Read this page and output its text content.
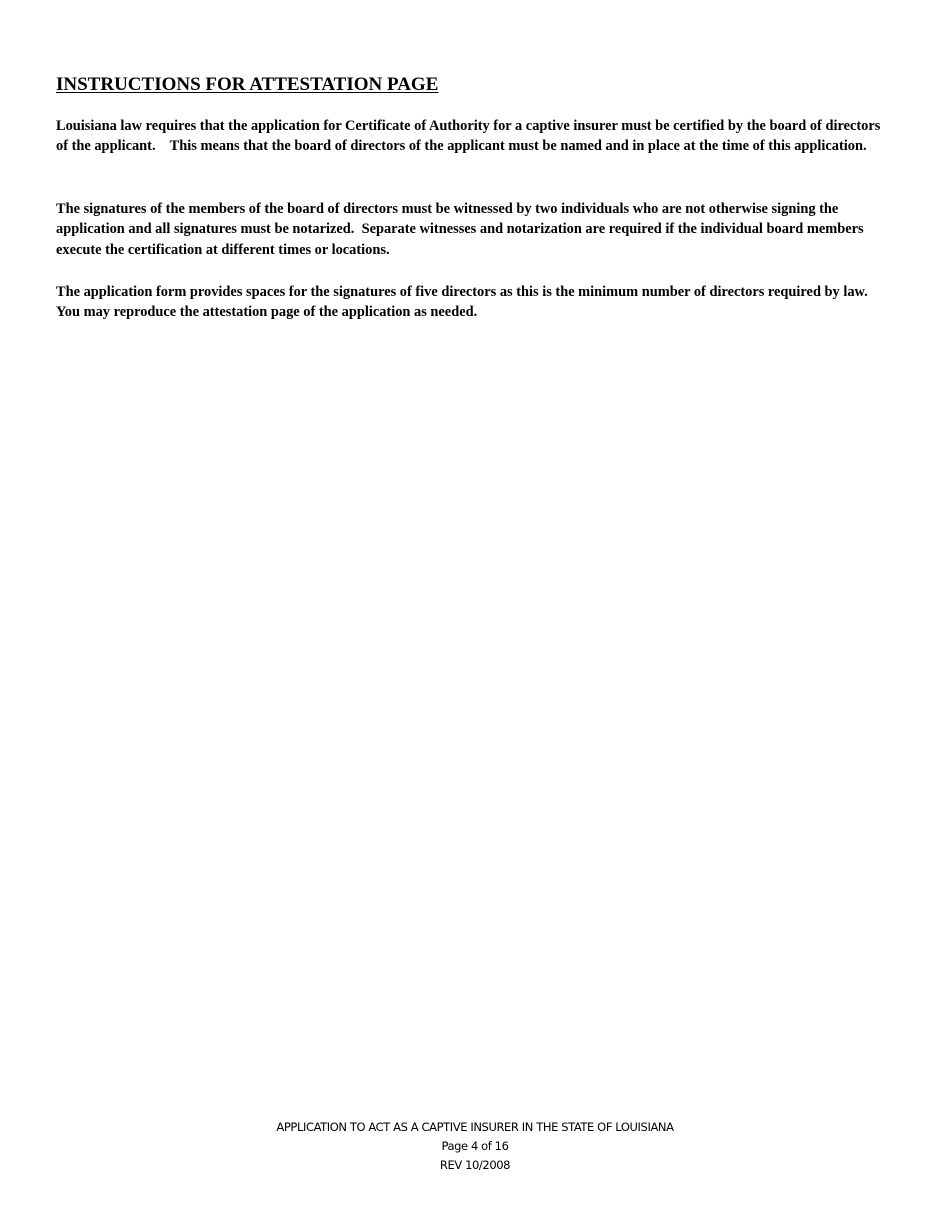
INSTRUCTIONS FOR ATTESTATION PAGE

Louisiana law requires that the application for Certificate of Authority for a captive insurer must be certified by the board of directors of the applicant.    This means that the board of directors of the applicant must be named and in place at the time of this application.

The signatures of the members of the board of directors must be witnessed by two individuals who are not otherwise signing the application and all signatures must be notarized.  Separate witnesses and notarization are required if the individual board members execute the certification at different times or locations.

The application form provides spaces for the signatures of five directors as this is the minimum number of directors required by law. You may reproduce the attestation page of the application as needed.

APPLICATION TO ACT AS A CAPTIVE INSURER IN THE STATE OF LOUISIANA
Page 4 of 16
REV 10/2008
